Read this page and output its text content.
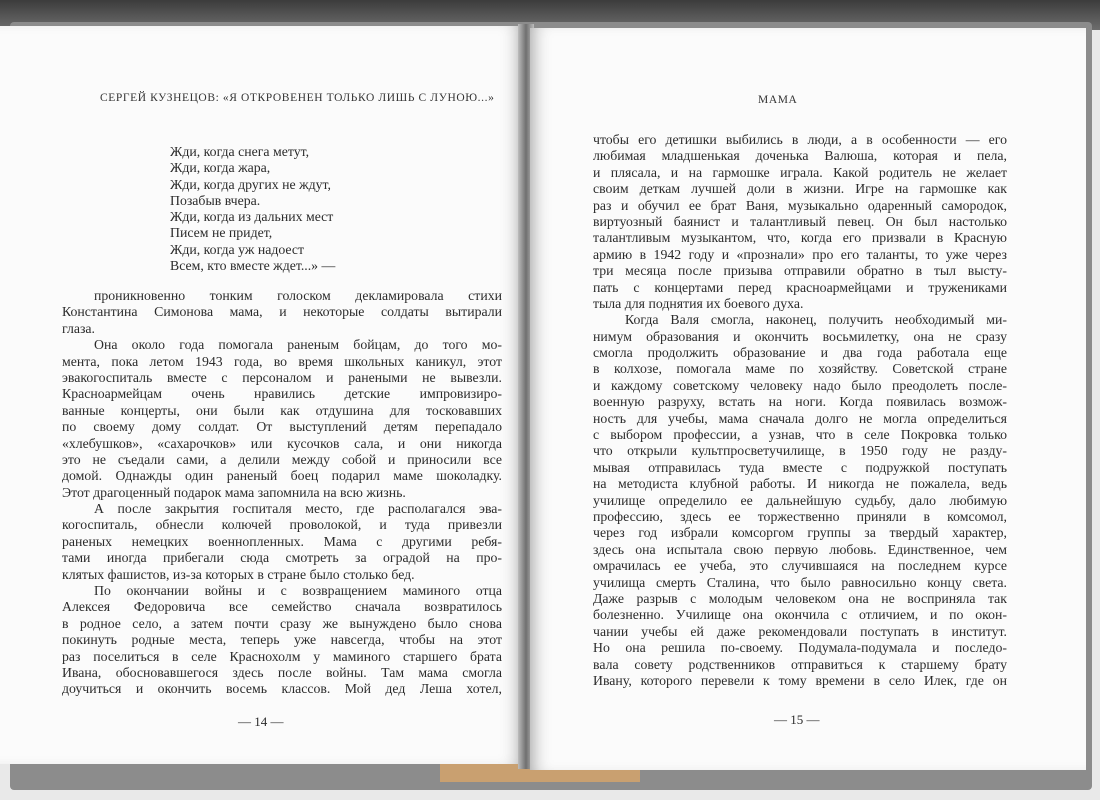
СЕРГЕЙ КУЗНЕЦОВ: «Я ОТКРОВЕНЕН ТОЛЬКО ЛИШЬ С ЛУНОЮ...»
Жди, когда снега метут,
Жди, когда жара,
Жди, когда других не ждут,
Позабыв вчера.
Жди, когда из дальних мест
Писем не придет,
Жди, когда уж надоест
Всем, кто вместе ждет...» —
проникновенно тонким голоском декламировала стихи
Константина Симонова мама, и некоторые солдаты вытирали
глаза.
Она около года помогала раненым бойцам, до того мо-
мента, пока летом 1943 года, во время школьных каникул, этот
эвакогоспиталь вместе с персоналом и ранеными не вывезли.
Красноармейцам очень нравились детские импровизиро-
ванные концерты, они были как отдушина для тосковавших
по своему дому солдат. От выступлений детям перепадало
«хлебушков», «сахарочков» или кусочков сала, и они никогда
это не съедали сами, а делили между собой и приносили все
домой. Однажды один раненый боец подарил маме шоколадку.
Этот драгоценный подарок мама запомнила на всю жизнь.
А после закрытия госпиталя место, где располагался эва-
когоспиталь, обнесли колючей проволокой, и туда привезли
раненых немецких военнопленных. Мама с другими ребя-
тами иногда прибегали сюда смотреть за оградой на про-
клятых фашистов, из-за которых в стране было столько бед.
По окончании войны и с возвращением маминого отца
Алексея Федоровича все семейство сначала возвратилось
в родное село, а затем почти сразу же вынуждено было снова
покинуть родные места, теперь уже навсегда, чтобы на этот
раз поселиться в селе Краснохолм у маминого старшего брата
Ивана, обосновавшегося здесь после войны. Там мама смогла
доучиться и окончить восемь классов. Мой дед Леша хотел,
— 14 —
МАМА
чтобы его детишки выбились в люди, а в особенности — его
любимая младшенькая доченька Валюша, которая и пела,
и плясала, и на гармошке играла. Какой родитель не желает
своим деткам лучшей доли в жизни. Игре на гармошке как
раз и обучил ее брат Ваня, музыкально одаренный самородок,
виртуозный баянист и талантливый певец. Он был настолько
талантливым музыкантом, что, когда его призвали в Красную
армию в 1942 году и «прознали» про его таланты, то уже через
три месяца после призыва отправили обратно в тыл высту-
пать с концертами перед красноармейцами и тружениками
тыла для поднятия их боевого духа.
Когда Валя смогла, наконец, получить необходимый ми-
нимум образования и окончить восьмилетку, она не сразу
смогла продолжить образование и два года работала еще
в колхозе, помогала маме по хозяйству. Советской стране
и каждому советскому человеку надо было преодолеть после-
военную разруху, встать на ноги. Когда появилась возмож-
ность для учебы, мама сначала долго не могла определиться
с выбором профессии, а узнав, что в селе Покровка только
что открыли культпросветучилище, в 1950 году не разду-
мывая отправилась туда вместе с подружкой поступать
на методиста клубной работы. И никогда не пожалела, ведь
училище определило ее дальнейшую судьбу, дало любимую
профессию, здесь ее торжественно приняли в комсомол,
через год избрали комсоргом группы за твердый характер,
здесь она испытала свою первую любовь. Единственное, чем
омрачилась ее учеба, это случившаяся на последнем курсе
училища смерть Сталина, что было равносильно концу света.
Даже разрыв с молодым человеком она не восприняла так
болезненно. Училище она окончила с отличием, и по окон-
чании учебы ей даже рекомендовали поступать в институт.
Но она решила по-своему. Подумала-подумала и последо-
вала совету родственников отправиться к старшему брату
Ивану, которого перевели к тому времени в село Илек, где он
— 15 —
